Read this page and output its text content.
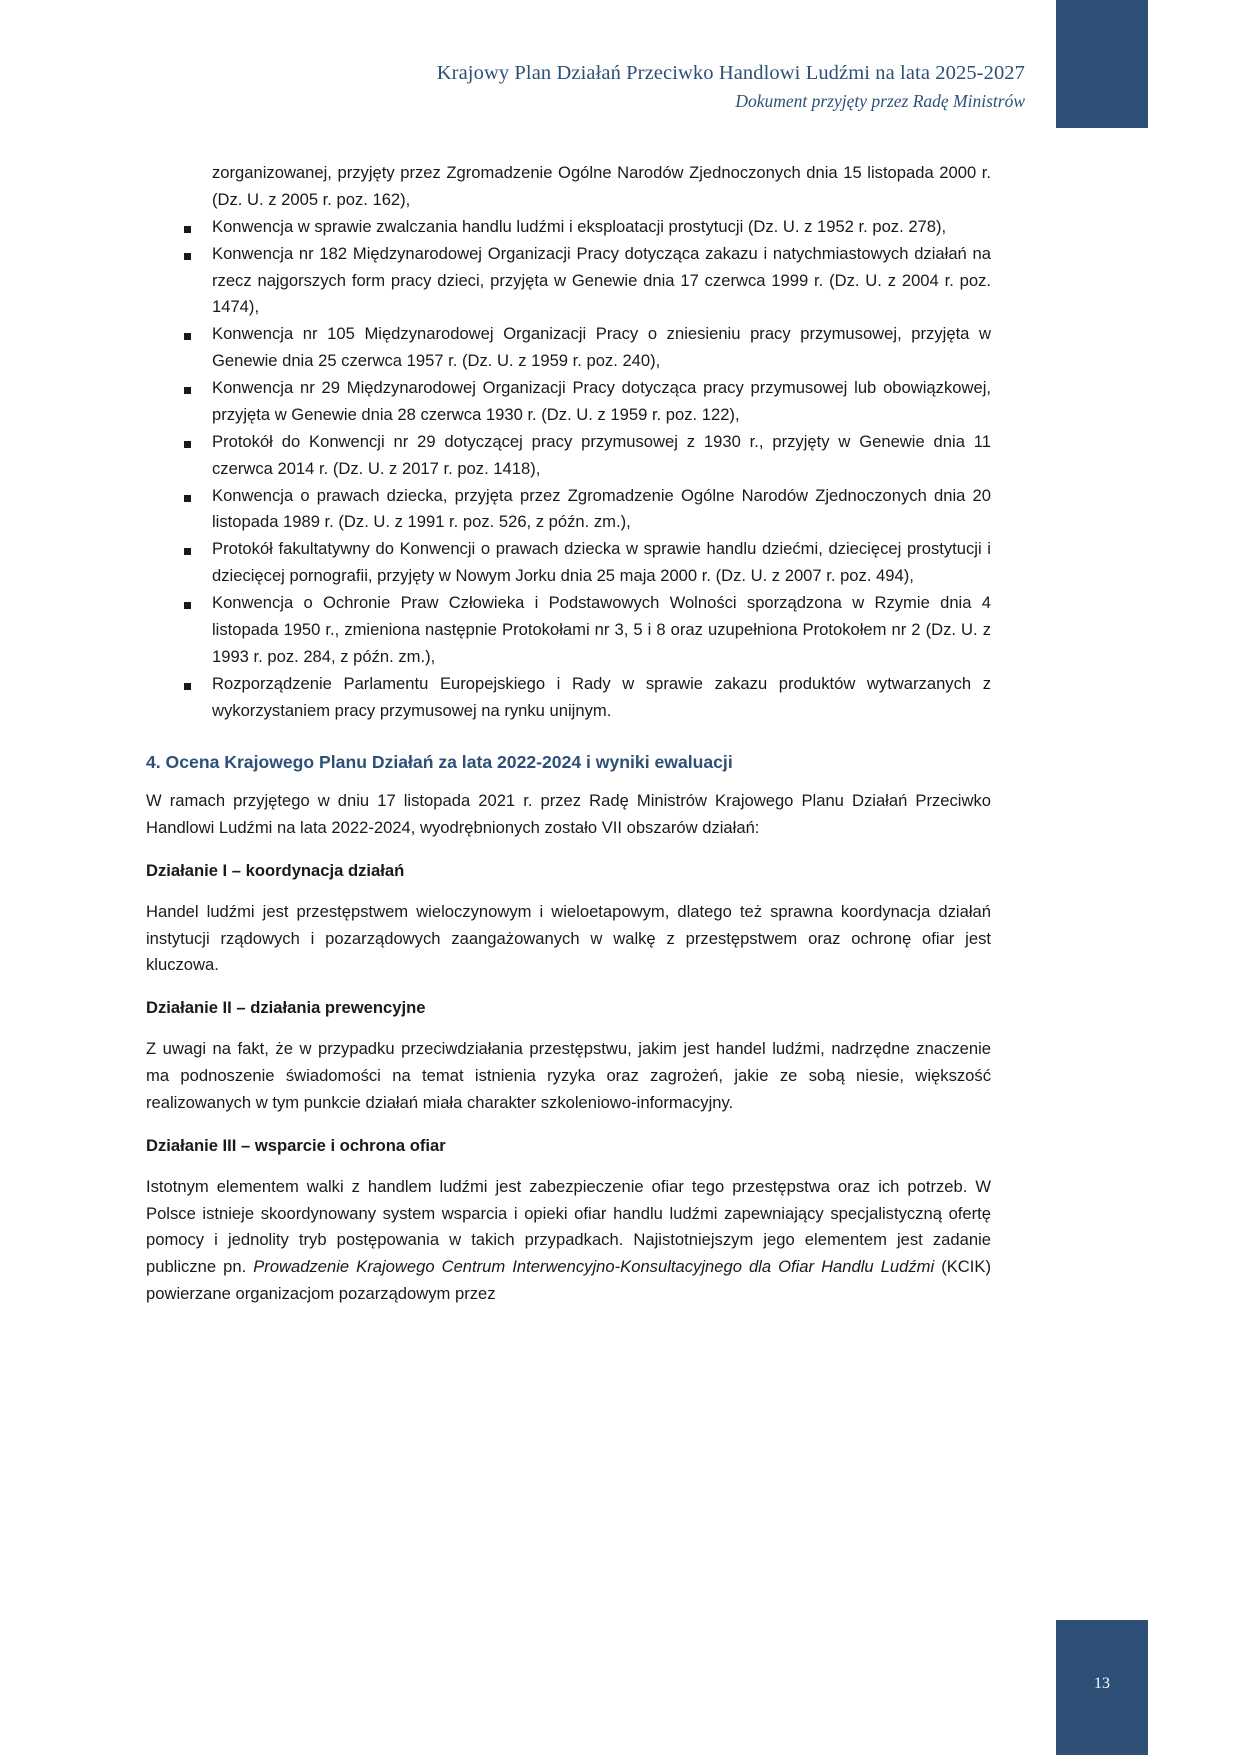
Krajowy Plan Działań Przeciwko Handlowi Ludźmi na lata 2025-2027
Dokument przyjęty przez Radę Ministrów

zorganizowanej, przyjęty przez Zgromadzenie Ogólne Narodów Zjednoczonych dnia 15 listopada 2000 r. (Dz. U. z 2005 r. poz. 162),

Konwencja w sprawie zwalczania handlu ludźmi i eksploatacji prostytucji (Dz. U. z 1952 r. poz. 278),
Konwencja nr 182 Międzynarodowej Organizacji Pracy dotycząca zakazu i natychmiastowych działań na rzecz najgorszych form pracy dzieci, przyjęta w Genewie dnia 17 czerwca 1999 r. (Dz. U. z 2004 r. poz. 1474),
Konwencja nr 105 Międzynarodowej Organizacji Pracy o zniesieniu pracy przymusowej, przyjęta w Genewie dnia 25 czerwca 1957 r. (Dz. U. z 1959 r. poz. 240),
Konwencja nr 29 Międzynarodowej Organizacji Pracy dotycząca pracy przymusowej lub obowiązkowej, przyjęta w Genewie dnia 28 czerwca 1930 r. (Dz. U. z 1959 r. poz. 122),
Protokół do Konwencji nr 29 dotyczącej pracy przymusowej z 1930 r., przyjęty w Genewie dnia 11 czerwca 2014 r. (Dz. U. z 2017 r. poz. 1418),
Konwencja o prawach dziecka, przyjęta przez Zgromadzenie Ogólne Narodów Zjednoczonych dnia 20 listopada 1989 r. (Dz. U. z 1991 r. poz. 526, z późn. zm.),
Protokół fakultatywny do Konwencji o prawach dziecka w sprawie handlu dziećmi, dziecięcej prostytucji i dziecięcej pornografii, przyjęty w Nowym Jorku dnia 25 maja 2000 r. (Dz. U. z 2007 r. poz. 494),
Konwencja o Ochronie Praw Człowieka i Podstawowych Wolności sporządzona w Rzymie dnia 4 listopada 1950 r., zmieniona następnie Protokołami nr 3, 5 i 8 oraz uzupełniona Protokołem nr 2 (Dz. U. z 1993 r. poz. 284, z późn. zm.),
Rozporządzenie Parlamentu Europejskiego i Rady w sprawie zakazu produktów wytwarzanych z wykorzystaniem pracy przymusowej na rynku unijnym.
4. Ocena Krajowego Planu Działań za lata 2022-2024 i wyniki ewaluacji

W ramach przyjętego w dniu 17 listopada 2021 r. przez Radę Ministrów Krajowego Planu Działań Przeciwko Handlowi Ludźmi na lata 2022-2024, wyodrębnionych zostało VII obszarów działań:

Działanie I – koordynacja działań

Handel ludźmi jest przestępstwem wieloczynowym i wieloetapowym, dlatego też sprawna koordynacja działań instytucji rządowych i pozarządowych zaangażowanych w walkę z przestępstwem oraz ochronę ofiar jest kluczowa.

Działanie II – działania prewencyjne

Z uwagi na fakt, że w przypadku przeciwdziałania przestępstwu, jakim jest handel ludźmi, nadrzędne znaczenie ma podnoszenie świadomości na temat istnienia ryzyka oraz zagrożeń, jakie ze sobą niesie, większość realizowanych w tym punkcie działań miała charakter szkoleniowo-informacyjny.

Działanie III – wsparcie i ochrona ofiar

Istotnym elementem walki z handlem ludźmi jest zabezpieczenie ofiar tego przestępstwa oraz ich potrzeb. W Polsce istnieje skoordynowany system wsparcia i opieki ofiar handlu ludźmi zapewniający specjalistyczną ofertę pomocy i jednolity tryb postępowania w takich przypadkach. Najistotniejszym jego elementem jest zadanie publiczne pn. Prowadzenie Krajowego Centrum Interwencyjno-Konsultacyjnego dla Ofiar Handlu Ludźmi (KCIK) powierzane organizacjom pozarządowym przez

13
